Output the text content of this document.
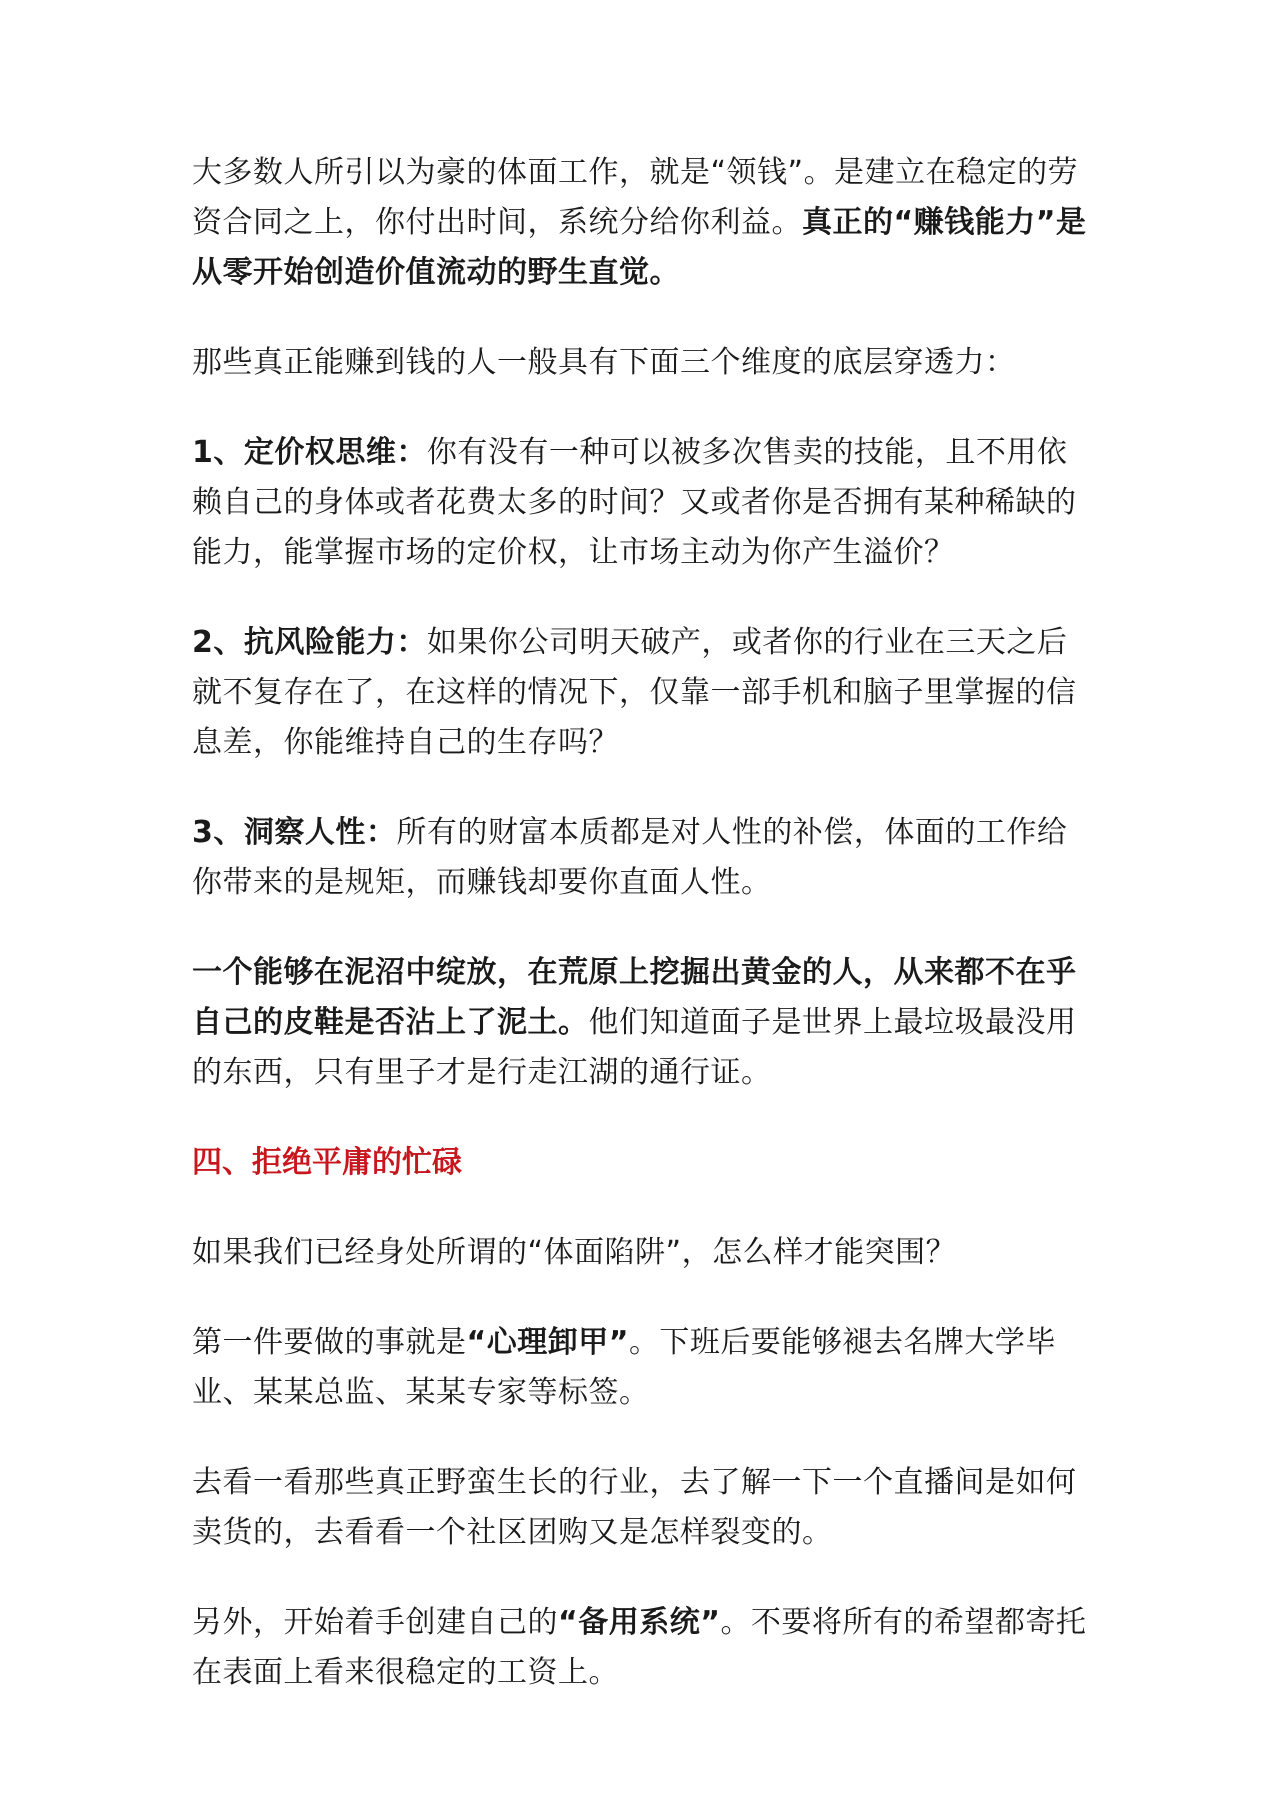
大多数人所引以为豪的体面工作，就是“领钱”。是建立在稳定的劳资合同之上，你付出时间，系统分给你利益。真正的“赚钱能力”是从零开始创造价值流动的野生直觉。

那些真正能赚到钱的人一般具有下面三个维度的底层穿透力：

1、定价权思维：你有没有一种可以被多次售卖的技能，且不用依赖自己的身体或者花费太多的时间？又或者你是否拥有某种稀缺的能力，能掌握市场的定价权，让市场主动为你产生溢价？

2、抗风险能力：如果你公司明天破产，或者你的行业在三天之后就不复存在了，在这样的情况下，仅靠一部手机和脑子里掌握的信息差，你能维持自己的生存吗？

3、洞察人性：所有的财富本质都是对人性的补偿，体面的工作给你带来的是规矩，而赚钱却要你直面人性。

一个能够在泥沼中绽放，在荒原上挖掘出黄金的人，从来都不在乎自己的皮鞋是否沾上了泥土。他们知道面子是世界上最垃圾最没用的东西，只有里子才是行走江湖的通行证。

四、拒绝平庸的忙碌

如果我们已经身处所谓的“体面陷阱”，怎么样才能突围？

第一件要做的事就是“心理卸甲”。下班后要能够褪去名牌大学毕业、某某总监、某某专家等标签。

去看一看那些真正野蛮生长的行业，去了解一下一个直播间是如何卖货的，去看看一个社区团购又是怎样裂变的。

另外，开始着手创建自己的“备用系统”。不要将所有的希望都寄托在表面上看来很稳定的工资上。
